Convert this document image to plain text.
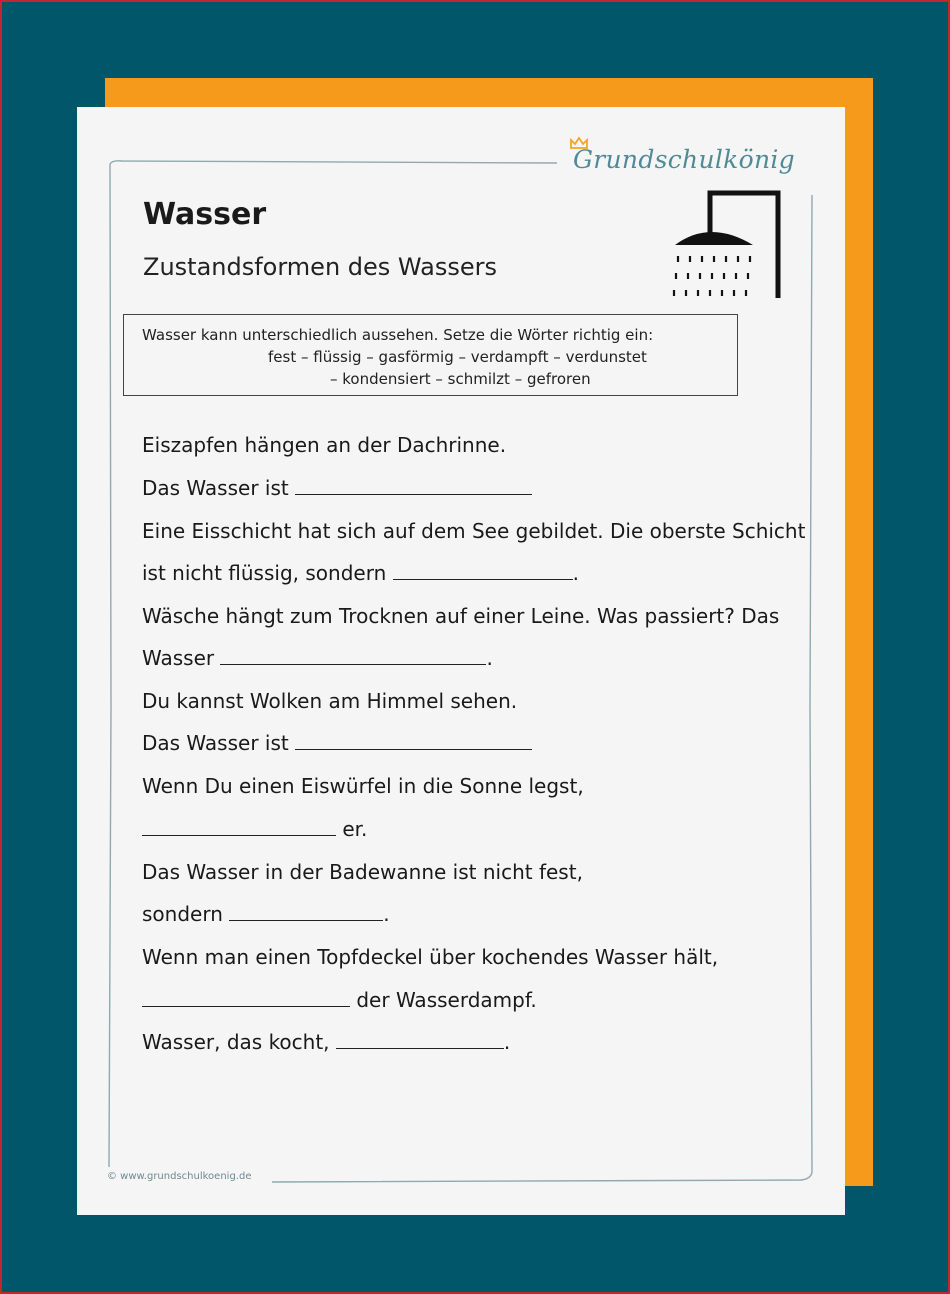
Grundschulkönig
Wasser
Zustandsformen des Wassers
Wasser kann unterschiedlich aussehen. Setze die Wörter richtig ein:
fest – flüssig – gasförmig – verdampft – verdunstet
– kondensiert – schmilzt – gefroren
Eiszapfen hängen an der Dachrinne.
Das Wasser ist
Eine Eisschicht hat sich auf dem See gebildet. Die oberste Schicht
ist nicht flüssig, sondern	.
Wäsche hängt zum Trocknen auf einer Leine. Was passiert? Das
Wasser	.
Du kannst Wolken am Himmel sehen.
Das Wasser ist
Wenn Du einen Eiswürfel in die Sonne legst,
er.
Das Wasser in der Badewanne ist nicht fest,
sondern	.
Wenn man einen Topfdeckel über kochendes Wasser hält,
der Wasserdampf.
Wasser, das kocht,	.
© www.grundschulkoenig.de
